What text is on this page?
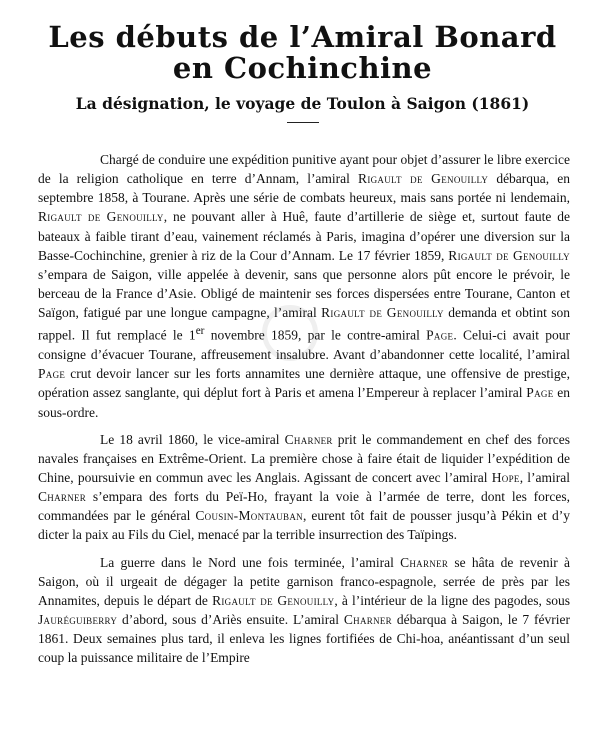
Les débuts de l’Amiral Bonard
en Cochinchine
La désignation, le voyage de Toulon à Saigon (1861)

Chargé de conduire une expédition punitive ayant pour objet d’assurer le libre exercice de la religion catholique en terre d’Annam, l’amiral Rigault de Genouilly débarqua, en septembre 1858, à Tourane. Après une série de combats heureux, mais sans portée ni lendemain, Rigault de Genouilly, ne pouvant aller à Huê, faute d’artillerie de siège et, surtout faute de bateaux à faible tirant d’eau, vainement réclamés à Paris, imagina d’opérer une diversion sur la Basse-Cochinchine, grenier à riz de la Cour d’Annam. Le 17 février 1859, Rigault de Genouilly s’empara de Saigon, ville appelée à devenir, sans que personne alors pût encore le prévoir, le berceau de la France d’Asie. Obligé de maintenir ses forces dispersées entre Tourane, Canton et Saïgon, fatigué par une longue campagne, l’amiral Rigault de Genouilly demanda et obtint son rappel. Il fut remplacé le 1er novembre 1859, par le contre-amiral Page. Celui-ci avait pour consigne d’évacuer Tourane, affreusement insalubre. Avant d’abandonner cette localité, l’amiral Page crut devoir lancer sur les forts annamites une dernière attaque, une offensive de prestige, opération assez sanglante, qui déplut fort à Paris et amena l’Empereur à replacer l’amiral Page en sous-ordre.

Le 18 avril 1860, le vice-amiral Charner prit le commandement en chef des forces navales françaises en Extrême-Orient. La première chose à faire était de liquider l’expédition de Chine, poursuivie en commun avec les Anglais. Agissant de concert avec l’amiral Hope, l’amiral Charner s’empara des forts du Peï-Ho, frayant la voie à l’armée de terre, dont les forces, commandées par le général Cousin-Montauban, eurent tôt fait de pousser jusqu’à Pékin et d’y dicter la paix au Fils du Ciel, menacé par la terrible insurrection des Taïpings.

La guerre dans le Nord une fois terminée, l’amiral Charner se hâta de revenir à Saigon, où il urgeait de dégager la petite garnison franco-espagnole, serrée de près par les Annamites, depuis le départ de Rigault de Genouilly, à l’intérieur de la ligne des pagodes, sous Jauréguiberry d’abord, sous d’Ariès ensuite. L’amiral Charner débarqua à Saigon, le 7 février 1861. Deux semaines plus tard, il enleva les lignes fortifiées de Chi-hoa, anéantissant d’un seul coup la puissance militaire de l’Empire
